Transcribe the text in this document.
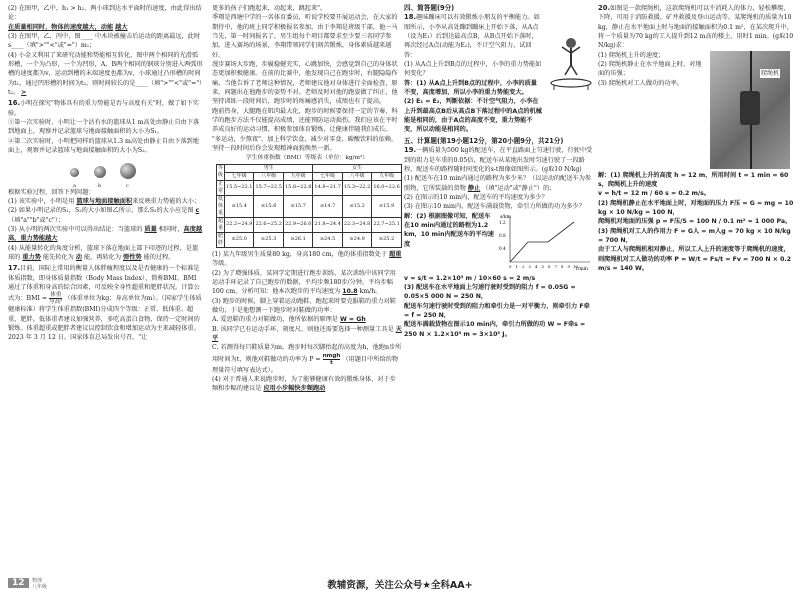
(2) 在图甲，乙中，h₁ > h₂，两小球到达水平面时的速度，由此得出结论：

在质量相同时，物体的速度越大，动能 越大

(3) 在图甲，乙，丙中，图____ 中木块被撞击后运动的距离最远，此时 s____（填">""<"或"="）m₁；

(4) 小金又利用了来研究动能和势能相互转化，图中两个相同的光滑弧形槽，一个为凸形，一个为凹形，A、B两个相同的钢球分别进入两弧形槽的速度都为v，运动到槽的末端速度也都为v，小球通过凸形槽的时间为t₁，通过凹形槽的时间为t₂，则时间较长的是____（填">""<"或"="）t₂。 >

16.小明在探究"物体具有的重力势能是否与高度有关"时，做了如下实验。

①第一次实验时，小明让一个沾有水的篮球从1 m高处由静止自由下落到地面上，观察并记录篮球与地面接触面积的大小为S₁。

②第二次实验时，小明把同样的篮球从1.3 m高处由静止自由下落到地面上，观察并记录篮球与地面接触面积的大小为S₂。

a	b	c

根据实验过程，回答下列问题：

(1) 该实验中，小明是用 篮球与地面接触面积来反映重力势能的大小；

(2) 如果小明记录的S₁，S₂的大小如图乙所示，那么S₂的大小应是图 c （填"a""b"或"c"）；

(3) 从小明的两次实验中可以得出结论：当篮球的 质量 相同时，高度越高，重力势能越大

(4) 从能量转化的角度分析，篮球下落在地面上部下印迹的过程，是篮球的 重力势 能先转化为 动 能，再转化为 弹性势 能的过程。

17.目前，国际上常用的衡量人体胖瘦程度以及是否健康的一个标准是体质指数，即身体质量指数（Body Mass Index），简称BMI。BMI 通过了体重和身高的综合因素，可反映全身性超重和肥胖状况。计算公式为：BMI = $\frac{\text{体重}}{\text{身高²}}$ （体重单位为kg；身高单位为m）。（国家学生体质健康标准）将学生体重指数(BMI)分成四个等级：正常、低体重、超重、肥胖。低体重者建议加强营养，多吃高蛋白食物，保持一定时间的锻炼。体重超重或肥胖者建议以控制饮食和增加运动为主来减轻体重。2023 年 3 月 12 日，国家体育总局发出号召，"让

更多的孩子们跑起来，动起来，跳起来"。

季翔是西塘中学的一名体育委员，听说学校要开展运动会，在大家的期待中，他的班上同学积极报名参加。由于李翔是班级干部，他一马当先，第一时间报名了，男生组每个项目都要求至少要三名同学参加。进入赛场的场景，李翔带领同学们刻苦锻炼，身体素质越来越好。

漫步赛场大步跑，步履稳健充实，心跳加快，会感觉到自己的身体状态更加积极健康。在前的比赛中，他发现自己在跑步时，右腿隐隐作痛，当他告诉了老师这种情况，老师建议他对身体进行全面检查，原来，问题出在他跑步的姿势不对。老师及时对他的跑姿做了纠正，他坚持训练一段时间后，跑步时的疼痛感消失，成绩也有了提高。

跑前热身，大腿跑在肌肉最大化，跑步的时候要保持一定的节奏，科学的跑步方法不仅能提高成绩，还能预防运动损伤。我们应该在平时养成良好的运动习惯，积极参加体育锻炼，让健康伴随我们成长。

"多运动，少熬夜"，加上科学饮食，减少对零食、碳酸饮料的依赖，坚持一段时间后你会发现精神面貌焕然一新。

学生体重指数（BMI）等级表（单位：kg/m²）

等级	男生			女生		
	七年级	八年级	九年级	七年级	八年级	九年级
正常	15.5~22.1	15.7~22.5	15.8~22.8	14.8~21.7	15.3~22.2	16.0~22.6
低体重	≤15.4	≤15.6	≤15.7	≤14.7	≤15.2	≤15.9
超重	22.2~24.9	22.6~25.2	22.9~26.0	21.8~24.4	22.3~24.8	22.7~25.1
肥胖	≥25.0	≥25.3	≥26.1	≥24.5	≥24.9	≥25.2

(1) 某九年级男生质量80 kg，身高180 cm，他的体重指数处于 超重 等级。

(2) 为了增强体质，某同学定期进行跑步训练，某次训练中该同学用运动手环记录了自己跑步的数据，平均步频180步/分钟，平均步幅100 cm，分析可知：他本次跑步的平均速度为 10.8 km/h。

(3) 跑步的时候，脚上穿着运动跑鞋，跑起来时要克服鞋的重力对鞋做功，于是他想测一下跑步时对鞋做的功率：

A. 爱思鞋的重力对鞋做功，他所依据的原理是 W = Gh

B. 该同学已有运动手环、刻度尺、则他还需要选择一种测量工具是 天平

C. 若测得每只鞋质量为m，跑步时每次脚抬起的高度为h，他跑n步所用时间为t，则他对鞋做功的功率为 $P = \frac{\text{nmgh}}{t}$ （用题目中所给的物理量符号填写表达式）。

(4) 对于普通人来说跑步时，为了能够健康有效的锻炼身体，对于步频和步幅的建议是 应用小步幅快步频跑动

四、简答题(9分)

18.趣味蹦床可以有效锻炼小朋友的平衡能力。如图所示，小李从高处蹦到蹦床上开始下落，从A点（设为E₁）后到达最高点B，从B点开始下落时，再次经过A点(动能为E₂)，不计空气阻力，试回答：

(1) 从A点上升到B点的过程中，小李的重力势能如何变化？

答：(1) 从A点上升到B点的过程中，小李的质量不变，高度增加，所以小李的重力势能变大。

(2) E₁ = E₂，判断依据：不计空气阻力，小李在上升到最高点B后从高点B下落过程中的A点的机械能是相同的，由于A点的高度不变，重力势能不变，所以动能是相同的。

五、计算题(第19小题12分，第20小题9分，共21分)

19.一辆质量为500 kg的配送车，在平直路面上匀速行驶，行驶中受到的阻力是车重的0.05倍，配送车从某地出发时匀速行驶了一段路程，配送车的路程随时间变化的s-t图像如图所示。(g取10 N/kg)

(1) 配送车在10 min内通过的路程为多少米？（以运动的配送车为参照物，它所装载的货物 静止 （填"运动"或"静止"）的；

(2) 在图示的10 min内，配送车的平均速度为多少？

(3) 在图示10 min内，配送车满载货物，牵引力所做的功为多少？

解：(2) 根据图像可知，配送车在10 min内通过的路程为1.2 km，10 min内配送车的平均速度

s/km
t/min
1.2
0.8
0.4
0 1 2 3 4 5 6 7 8 9 10

v = s/t = 1.2×10³ m / 10×60 s = 2 m/s

(3) 配送车在水平地面上匀速行驶时受到的阻力 f = 0.05G = 0.05×5 000 N = 250 N，

配送车匀速行驶时受到的阻力和牵引力是一对平衡力，则牵引力 F牵 = f = 250 N，

配送车满载货物在图示10 min内，牵引力所做的功 W = F牵s = 250 N × 1.2×10³ m = 3×10⁵ J。

20.如图是一款爬绳机，这款爬绳机可以不消耗人的体力，轻松攀爬、下降，可用于消防救援，矿井救援及登山运动等。某爬绳机的质量为10 kg，静止在水平地面上时与地面的接触面积为0.1 m²，在某次爬升中，将一个质量为70 kg的工人提升到12 m高的楼上，用时1 min。(g取10 N/kg)求：

(1) 爬绳机上升的速度；

(2) 爬绳机静止在水平地面上时，对地面的压强；

(3) 爬绳机对工人做功的功率。

爬绳机

解：(1) 爬绳机上升的高度 h = 12 m，所用时间 t = 1 min = 60 s，爬绳机上升的速度

v = h/t = 12 m / 60 s = 0.2 m/s。

(2) 爬绳机静止在水平地面上时，对地面的压力 F压 = G = mg = 10 kg × 10 N/kg = 100 N，

爬绳机对地面的压强 p = F压/S = 100 N / 0.1 m² = 1 000 Pa。

(3) 爬绳机对工人的作用力 F = G人 = m人g = 70 kg × 10 N/kg = 700 N，

由于工人与爬绳机相对静止，所以工人上升的速度等于爬绳机的速度，

则爬绳机对工人做功的功率 P = W/t = Fs/t = Fv = 700 N × 0.2 m/s = 140 W。

12	物理
八年级	教辅资源，关注公众号★全科AA+
